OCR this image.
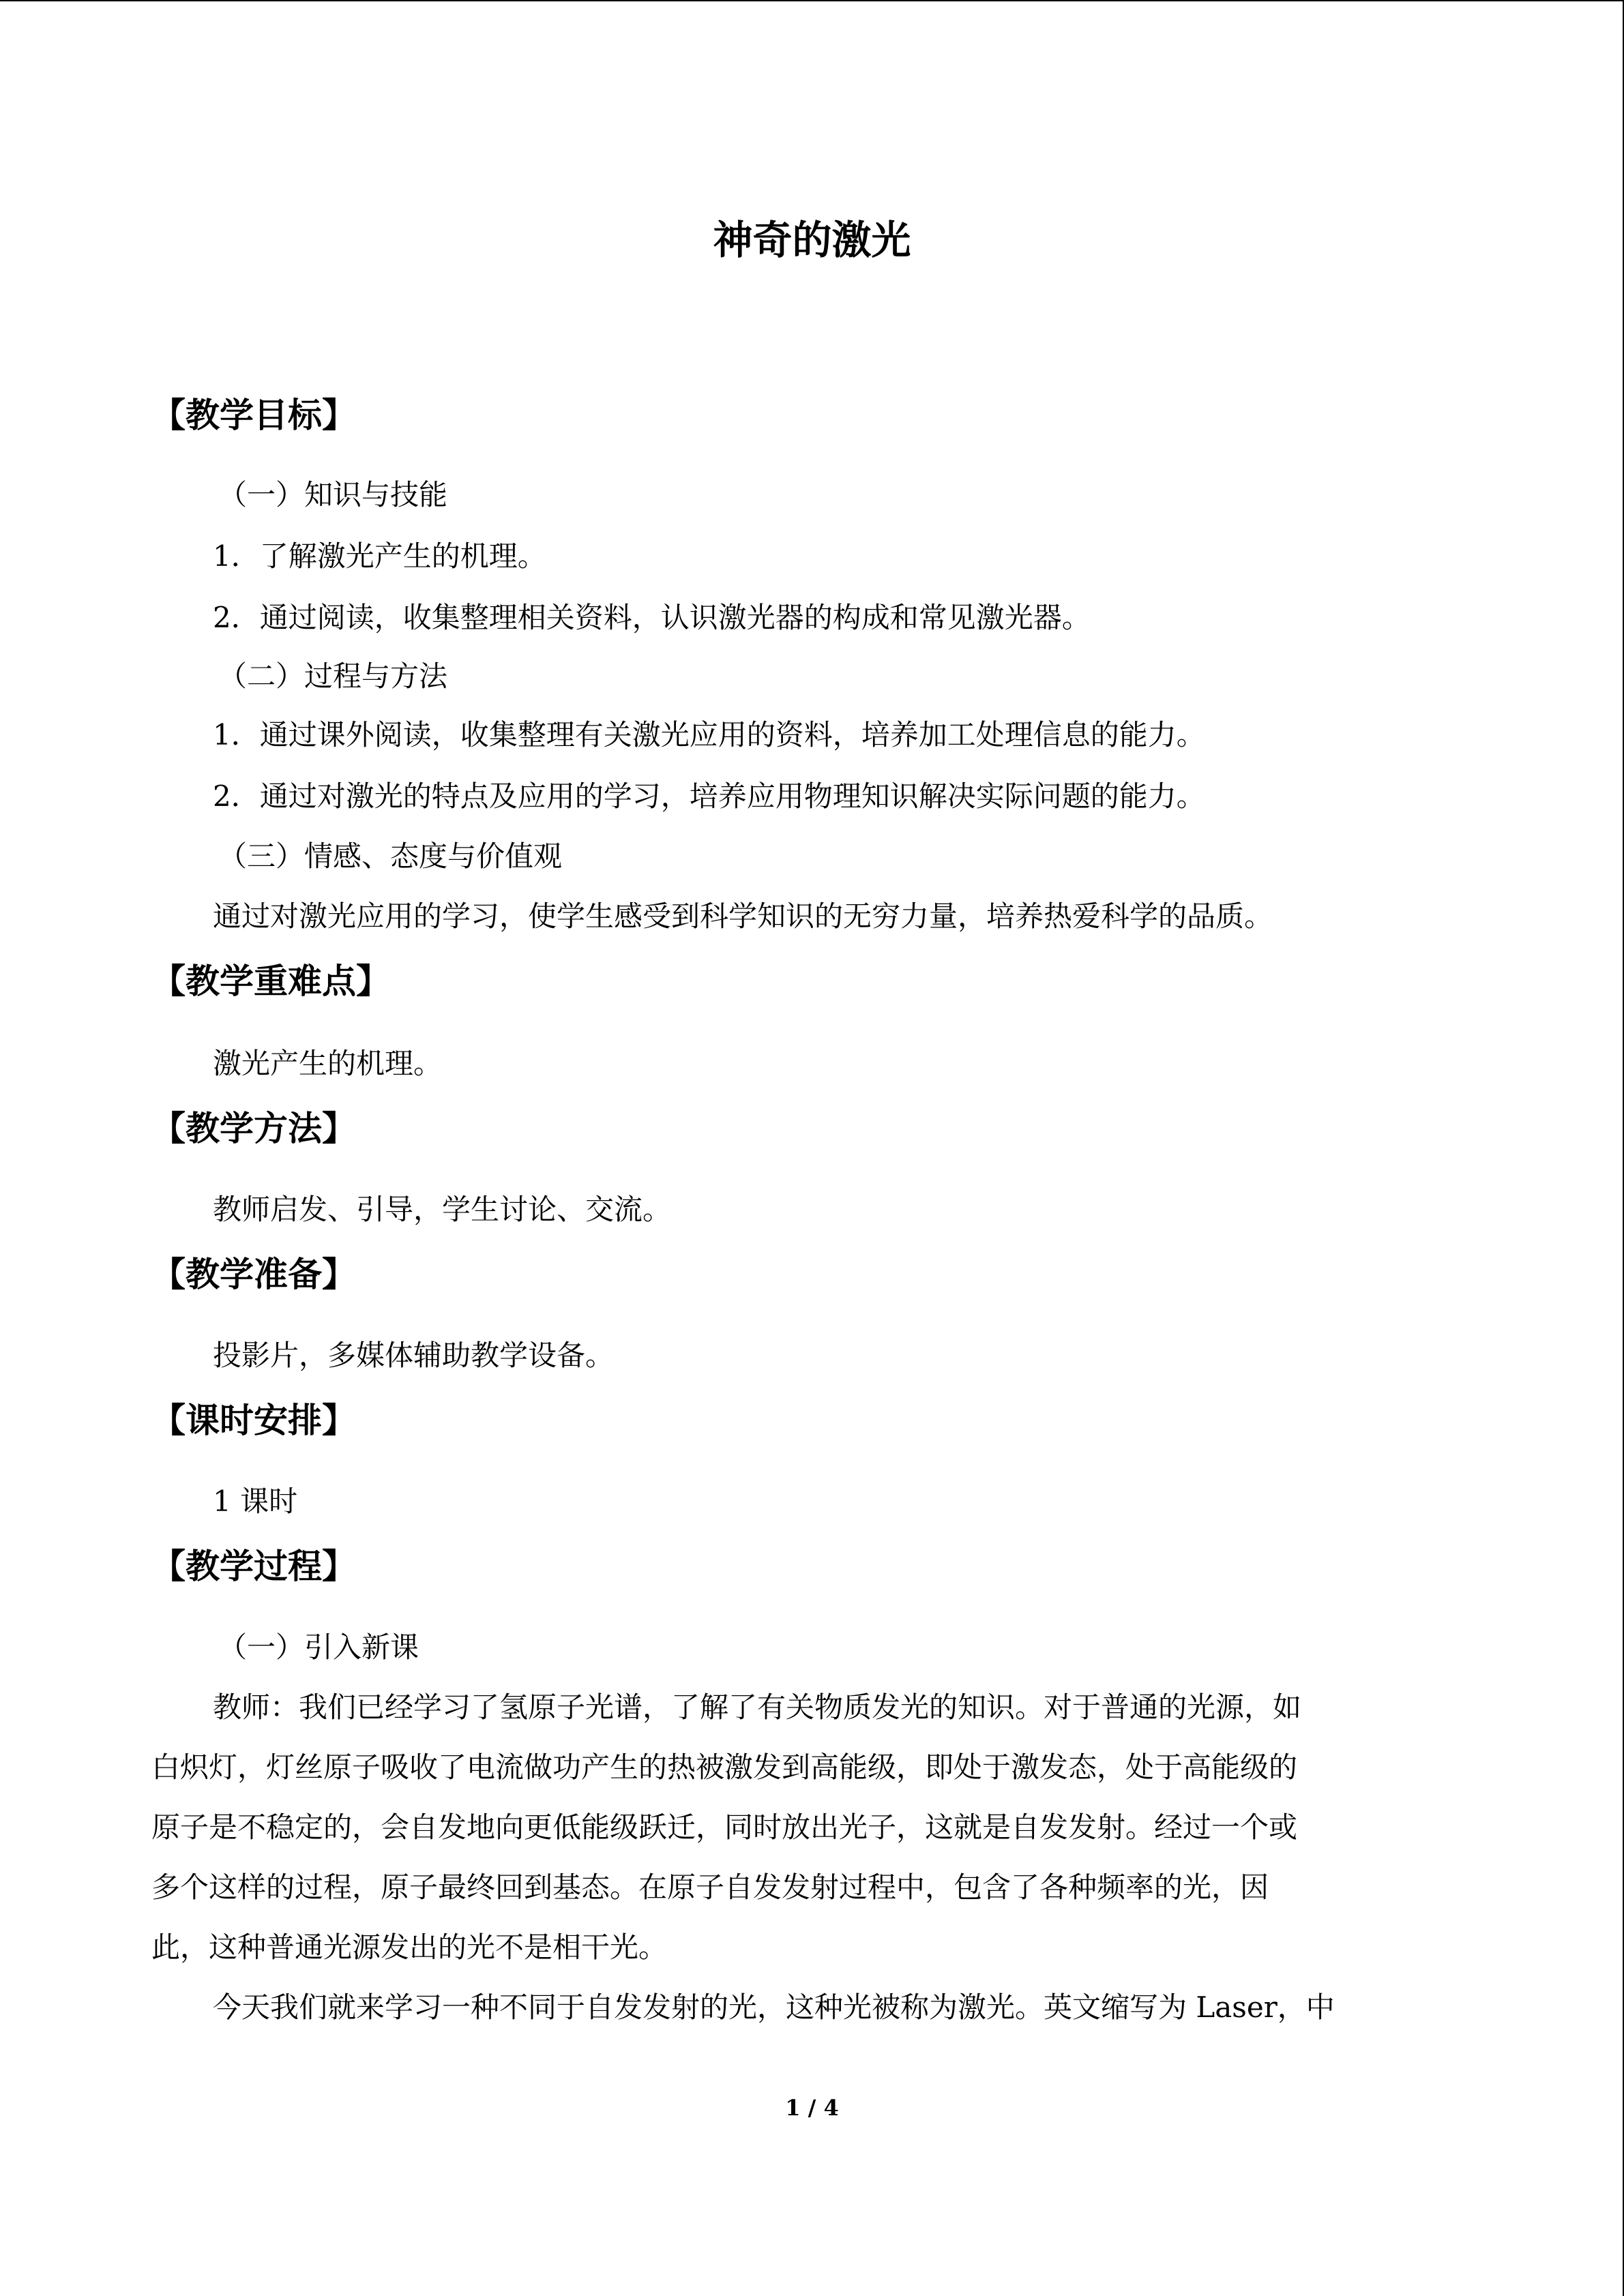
神奇的激光
【教学目标】

（一）知识与技能

1．了解激光产生的机理。

2．通过阅读，收集整理相关资料，认识激光器的构成和常见激光器。

（二）过程与方法

1．通过课外阅读，收集整理有关激光应用的资料，培养加工处理信息的能力。

2．通过对激光的特点及应用的学习，培养应用物理知识解决实际问题的能力。

（三）情感、态度与价值观

通过对激光应用的学习，使学生感受到科学知识的无穷力量，培养热爱科学的品质。

【教学重难点】

激光产生的机理。

【教学方法】

教师启发、引导，学生讨论、交流。

【教学准备】

投影片，多媒体辅助教学设备。

【课时安排】

1 课时

【教学过程】

（一）引入新课

教师：我们已经学习了氢原子光谱，了解了有关物质发光的知识。对于普通的光源，如

白炽灯，灯丝原子吸收了电流做功产生的热被激发到高能级，即处于激发态，处于高能级的

原子是不稳定的，会自发地向更低能级跃迁，同时放出光子，这就是自发发射。经过一个或

多个这样的过程，原子最终回到基态。在原子自发发射过程中，包含了各种频率的光，因

此，这种普通光源发出的光不是相干光。

今天我们就来学习一种不同于自发发射的光，这种光被称为激光。英文缩写为 Laser，中

1 / 4
